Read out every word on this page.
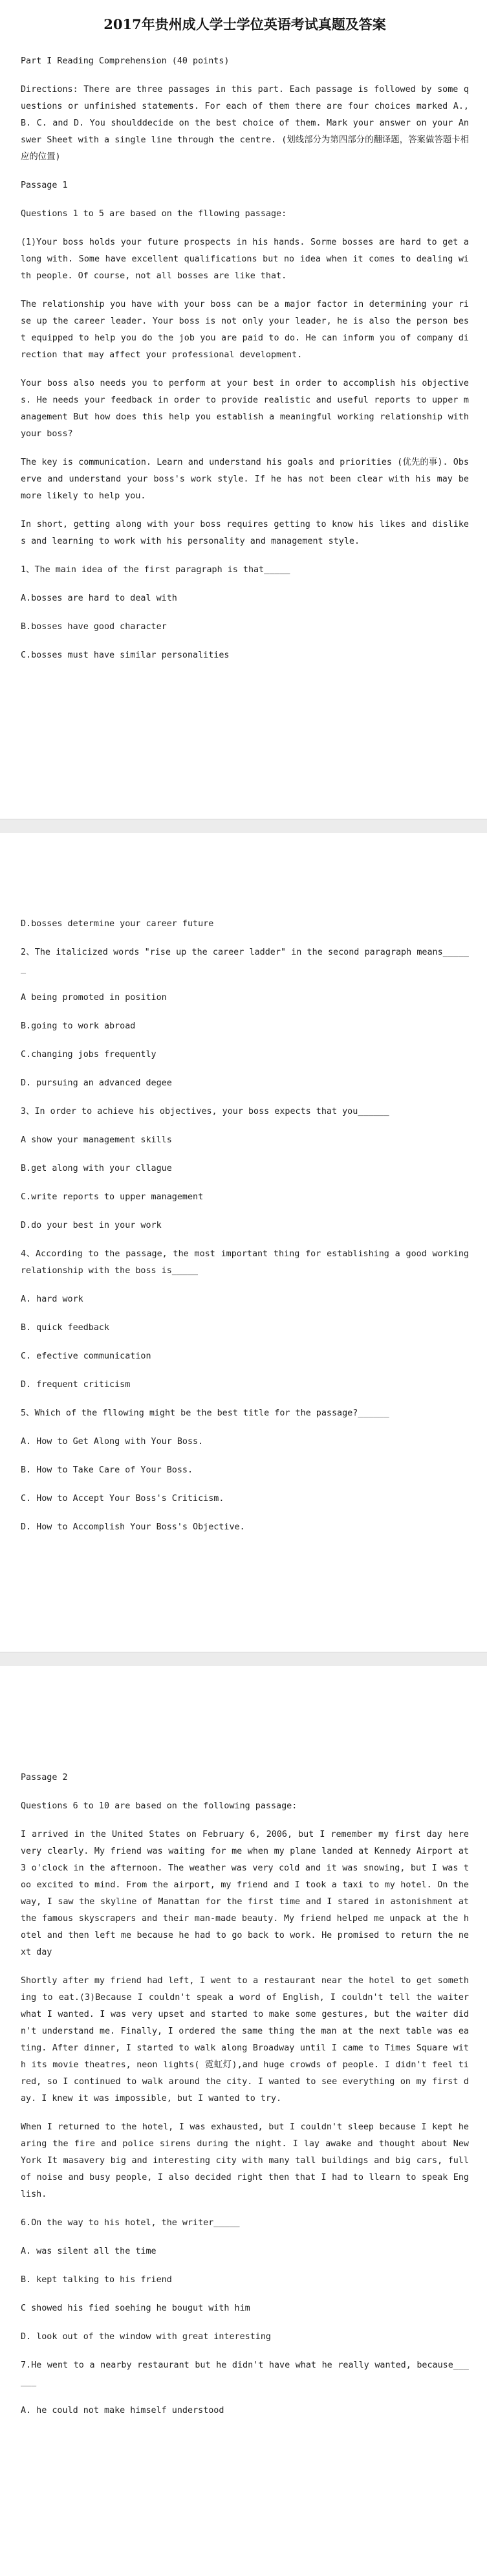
2017年贵州成人学士学位英语考试真题及答案

Part I Reading Comprehension (40 points)

Directions: There are three passages in this part. Each passage is followed by some questions or unfinished statements. For each of them there are four choices marked A., B. C. and D. You shoulddecide on the best choice of them. Mark your answer on your Answer Sheet with a single line through the centre. (划线部分为第四部分的翻译题，答案做答题卡相应的位置)

Passage 1

Questions 1 to 5 are based on the fllowing passage:

(1)Your boss holds your future prospects in his hands. Sorme bosses are hard to get along with. Some have excellent qualifications but no idea when it comes to dealing with people. Of course, not all bosses are like that.

The relationship you have with your boss can be a major factor in determining your rise up the career leader. Your boss is not only your leader, he is also the person best equipped to help you do the job you are paid to do. He can inform you of company direction that may affect your professional development.

Your boss also needs you to perform at your best in order to accomplish his objectives. He needs your feedback in order to provide realistic and useful reports to upper management But how does this help you establish a meaningful working relationship with your boss?

The key is communication. Learn and understand his goals and priorities (优先的事). Observe and understand your boss's work style. If he has not been clear with his may be more likely to help you.

In short, getting along with your boss requires getting to know his likes and dislikes and learning to work with his personality and management style.

1、The main idea of the first paragraph is that_____

A.bosses are hard to deal with

B.bosses have good character

C.bosses must have similar personalities

D.bosses determine your career future

2、The italicized words "rise up the career ladder" in the second paragraph means______

A being promoted in position

B.going to work abroad

C.changing jobs frequently

D. pursuing an advanced degee

3、In order to achieve his objectives, your boss expects that you______

A show your management skills

B.get along with your cllague

C.write reports to upper management

D.do your best in your work

4、According to the passage, the most important thing for establishing a good working relationship with the boss is_____

A. hard work

B. quick feedback

C. efective communication

D. frequent criticism

5、Which of the fllowing might be the best title for the passage?______

A. How to Get Along with Your Boss.

B. How to Take Care of Your Boss.

C. How to Accept Your Boss's Criticism.

D. How to Accomplish Your Boss's Objective.

Passage 2

Questions 6 to 10 are based on the following passage:

I arrived in the United States on February 6, 2006, but I remember my first day here very clearly. My friend was waiting for me when my plane landed at Kennedy Airport at 3 o'clock in the afternoon. The weather was very cold and it was snowing, but I was too excited to mind. From the airport, my friend and I took a taxi to my hotel. On the way, I saw the skyline of Manattan for the first time and I stared in astonishment at the famous skyscrapers and their man-made beauty. My friend helped me unpack at the hotel and then left me because he had to go back to work. He promised to return the next day

Shortly after my friend had left, I went to a restaurant near the hotel to get something to eat.(3)Because I couldn't speak a word of English, I couldn't tell the waiter what I wanted. I was very upset and started to make some gestures, but the waiter didn't understand me. Finally, I ordered the same thing the man at the next table was eating. After dinner, I started to walk along Broadway until I came to Times Square with its movie theatres, neon lights( 霓虹灯),and huge crowds of people. I didn't feel tired, so I continued to walk around the city. I wanted to see everything on my first day. I knew it was impossible, but I wanted to try.

When I returned to the hotel, I was exhausted, but I couldn't sleep because I kept hearing the fire and police sirens during the night. I lay awake and thought about New York It masavery big and interesting city with many tall buildings and big cars, full of noise and busy people, I also decided right then that I had to llearn to speak English.

6.On the way to his hotel, the writer_____

A. was silent all the time

B. kept talking to his friend

C showed his fied soehing he bougut with him

D. look out of the window with great interesting

7.He went to a nearby restaurant but he didn't have what he really wanted, because______

A. he could not make himself understood
